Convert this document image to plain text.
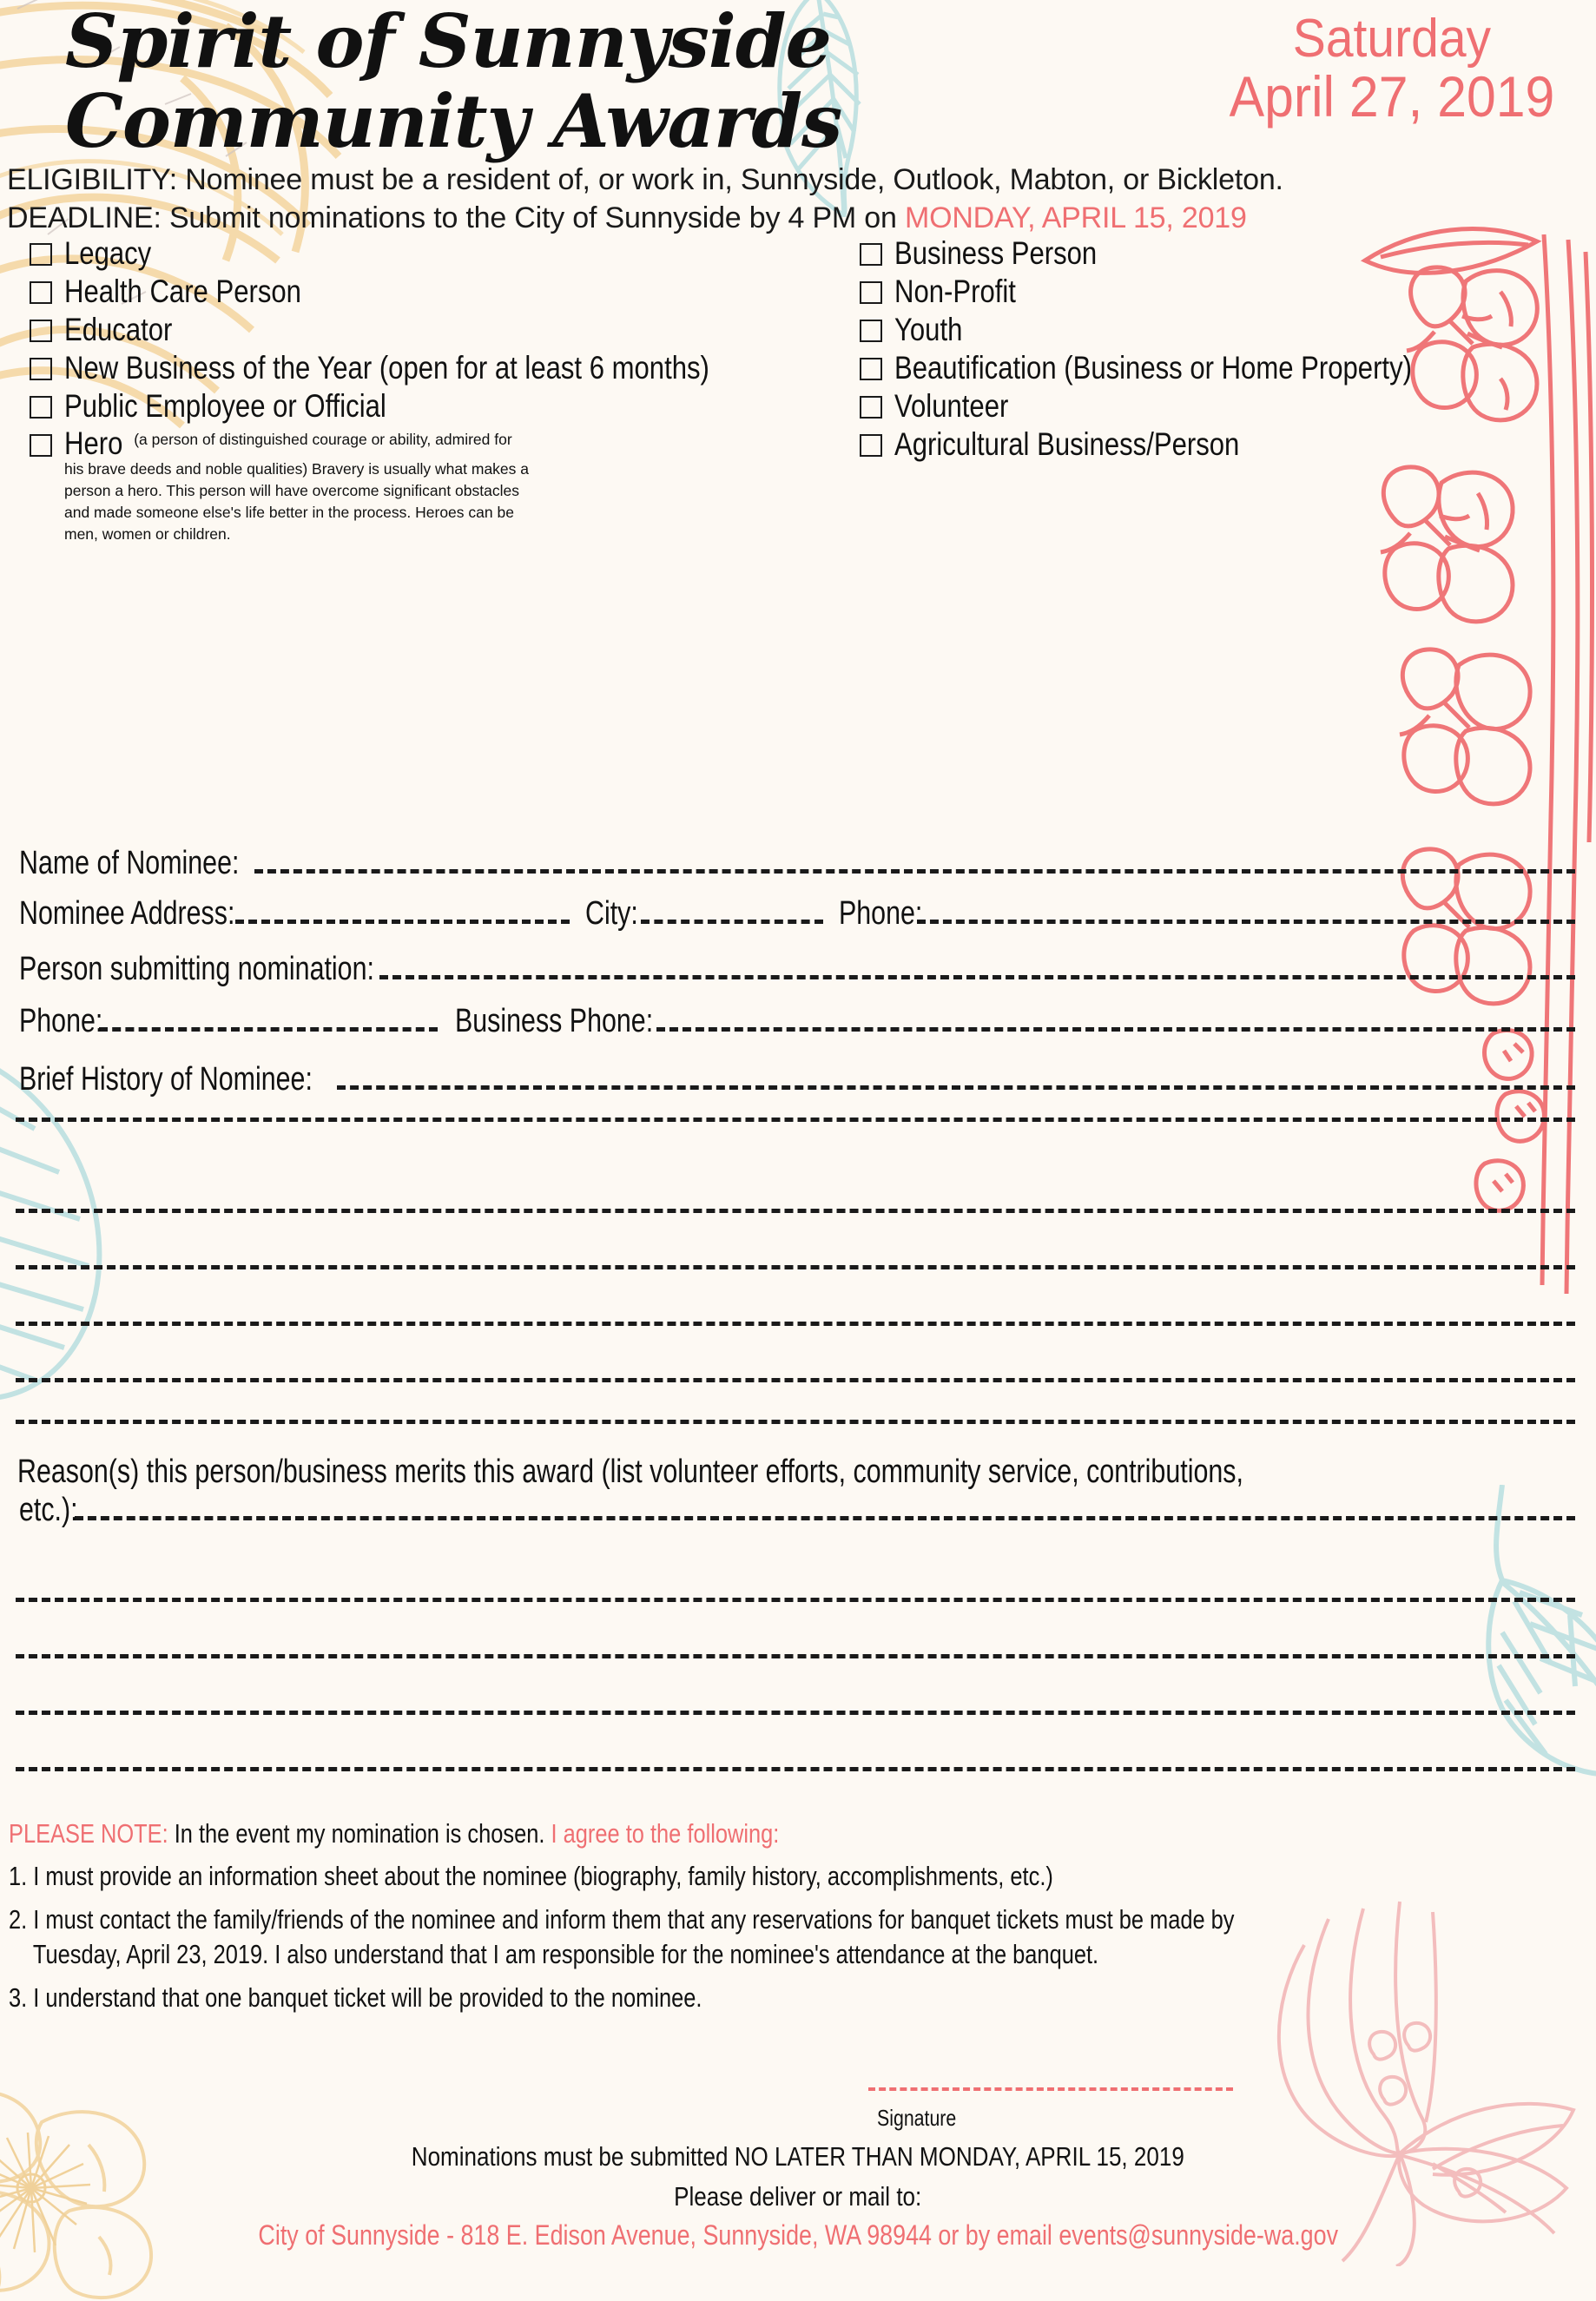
Spirit of Sunnyside
Community Awards
Saturday
April 27, 2019
ELIGIBILITY: Nominee must be a resident of, or work in, Sunnyside, Outlook, Mabton, or Bickleton.
DEADLINE: Submit nominations to the City of Sunnyside by 4 PM on MONDAY, APRIL 15, 2019
Legacy
Health Care Person
Educator
New Business of the Year (open for at least 6 months)
Public Employee or Official
Hero (a person of distinguished courage or ability, admired for his brave deeds and noble qualities) Bravery is usually what makes a person a hero. This person will have overcome significant obstacles and made someone else's life better in the process. Heroes can be men, women or children.
Business Person
Non-Profit
Youth
Beautification (Business or Home Property)
Volunteer
Agricultural Business/Person
Name of Nominee:
Nominee Address:	City:	Phone:
Person submitting nomination:
Phone:	Business Phone:
Brief History of Nominee:
Reason(s) this person/business merits this award (list volunteer efforts, community service, contributions,
etc.):
PLEASE NOTE: In the event my nomination is chosen. I agree to the following:
1. I must provide an information sheet about the nominee (biography, family history, accomplishments, etc.)
2. I must contact the family/friends of the nominee and inform them that any reservations for banquet tickets must be made by
Tuesday, April 23, 2019. I also understand that I am responsible for the nominee's attendance at the banquet.
3. I understand that one banquet ticket will be provided to the nominee.
Signature
Nominations must be submitted NO LATER THAN MONDAY, APRIL 15, 2019
Please deliver or mail to:
City of Sunnyside - 818 E. Edison Avenue, Sunnyside, WA 98944 or by email events@sunnyside-wa.gov
